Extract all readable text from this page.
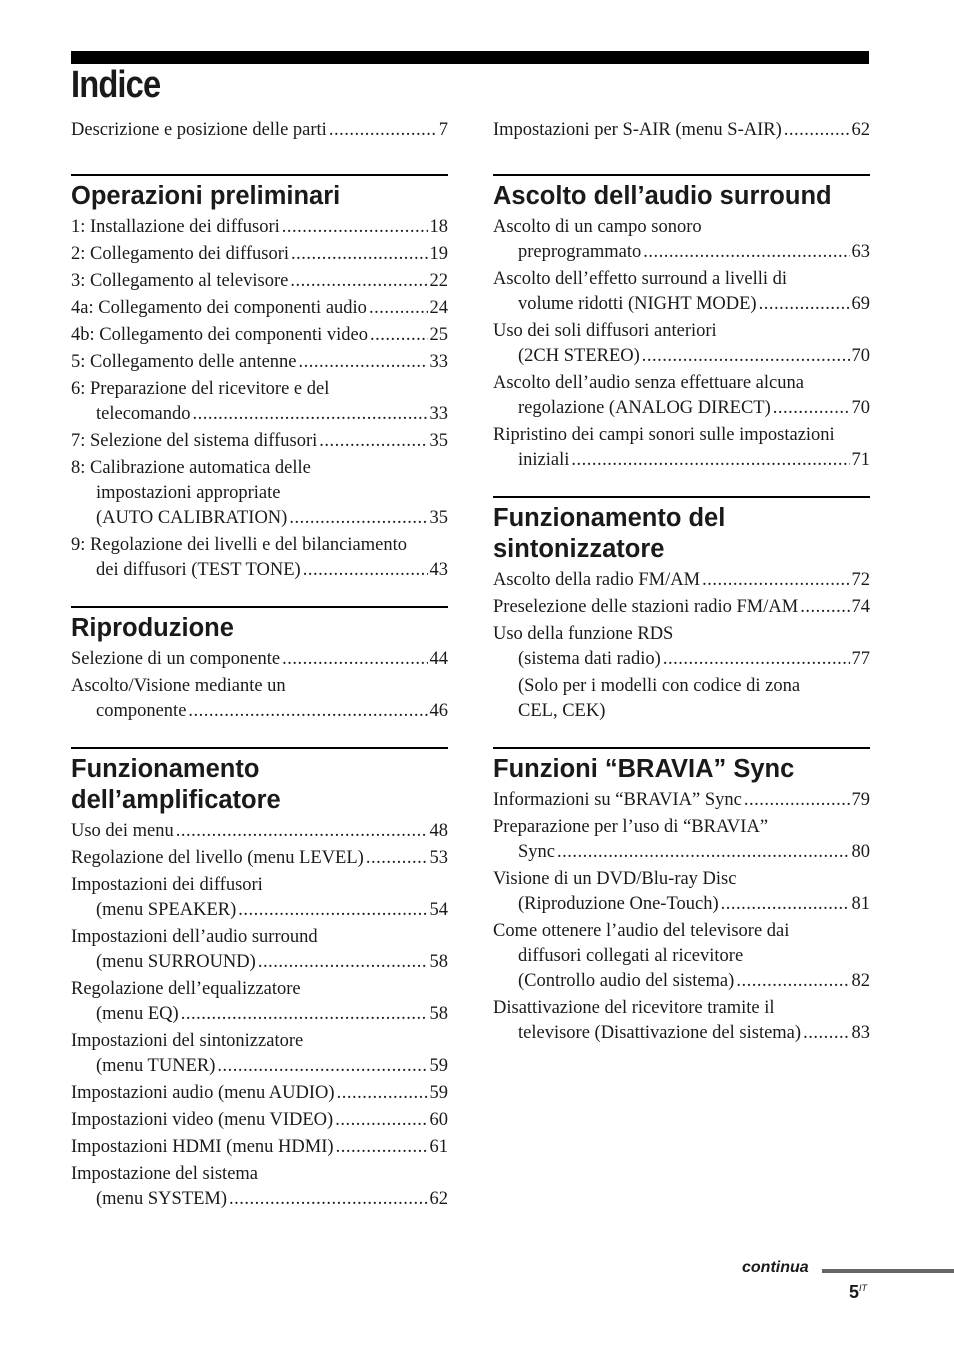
Indice
Descrizione e posizione delle parti .....	7
Operazioni preliminari
1: Installazione dei diffusori .....	18
2: Collegamento dei diffusori .....	19
3: Collegamento al televisore .....	22
4a: Collegamento dei componenti audio .....	24
4b: Collegamento dei componenti video .....	25
5: Collegamento delle antenne .....	33
6: Preparazione del ricevitore e del
telecomando .....	33
7: Selezione del sistema diffusori .....	35
8: Calibrazione automatica delle
impostazioni appropriate
(AUTO CALIBRATION) .....	35
9: Regolazione dei livelli e del bilanciamento
dei diffusori (TEST TONE) .....	43
Riproduzione
Selezione di un componente .....	44
Ascolto/Visione mediante un
componente .....	46
Funzionamento dell’amplificatore
Uso dei menu .....	48
Regolazione del livello (menu LEVEL) .....	53
Impostazioni dei diffusori
(menu SPEAKER) .....	54
Impostazioni dell’audio surround
(menu SURROUND) .....	58
Regolazione dell’equalizzatore
(menu EQ) .....	58
Impostazioni del sintonizzatore
(menu TUNER) .....	59
Impostazioni audio (menu AUDIO) .....	59
Impostazioni video (menu VIDEO) .....	60
Impostazioni HDMI (menu HDMI) .....	61
Impostazione del sistema
(menu SYSTEM) .....	62
Impostazioni per S-AIR (menu S-AIR) .....	62
Ascolto dell’audio surround
Ascolto di un campo sonoro
preprogrammato .....	63
Ascolto dell’effetto surround a livelli di
volume ridotti (NIGHT MODE) .....	69
Uso dei soli diffusori anteriori
(2CH STEREO) .....	70
Ascolto dell’audio senza effettuare alcuna
regolazione (ANALOG DIRECT) .....	70
Ripristino dei campi sonori sulle impostazioni
iniziali .....	71
Funzionamento del sintonizzatore
Ascolto della radio FM/AM .....	72
Preselezione delle stazioni radio FM/AM .....	74
Uso della funzione RDS
(sistema dati radio) .....	77
(Solo per i modelli con codice di zona
CEL, CEK)
Funzioni “BRAVIA” Sync
Informazioni su “BRAVIA” Sync .....	79
Preparazione per l’uso di “BRAVIA”
Sync .....	80
Visione di un DVD/Blu-ray Disc
(Riproduzione One-Touch) .....	81
Come ottenere l’audio del televisore dai
diffusori collegati al ricevitore
(Controllo audio del sistema) .....	82
Disattivazione del ricevitore tramite il
televisore (Disattivazione del sistema) .....	83
continua
$5^{IT}$
